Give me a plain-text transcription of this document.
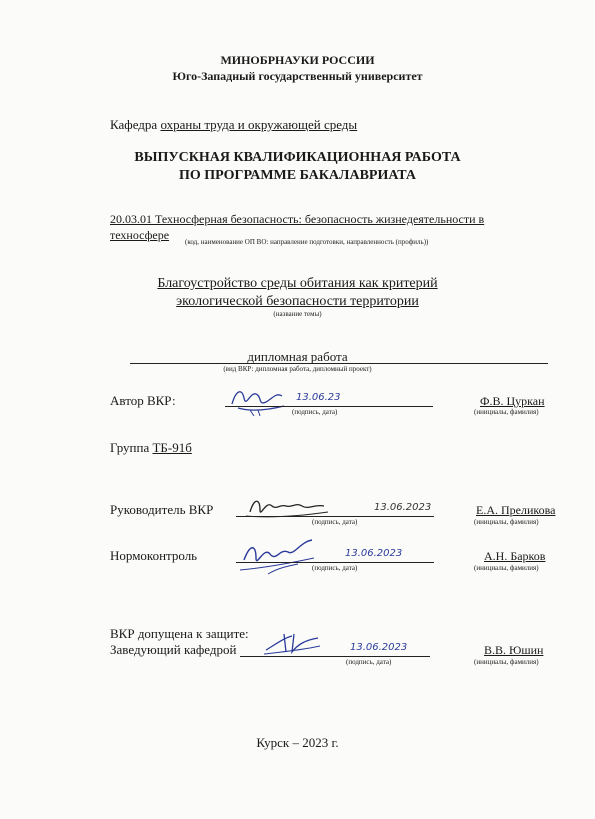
МИНОБРНАУКИ РОССИИ
Юго-Западный государственный университет
Кафедра охраны труда и окружающей среды
ВЫПУСКНАЯ КВАЛИФИКАЦИОННАЯ РАБОТА
ПО ПРОГРАММЕ БАКАЛАВРИАТА
20.03.01 Техносферная безопасность: безопасность жизнедеятельности в
техносфере (код, наименование ОП ВО: направление подготовки, направленность (профиль))
Благоустройство среды обитания как критерий
экологической безопасности территории
(название темы)
дипломная работа
(вид ВКР: дипломная работа, дипломный проект)
Автор ВКР:	13.06.23
(подпись, дата)
Ф.В. Цуркан
(инициалы, фамилия)
Группа ТБ-91б
Руководитель ВКР	13.06.2023
(подпись, дата)
Е.А. Преликова
(инициалы, фамилия)
Нормоконтроль	13.06.2023
(подпись, дата)
А.Н. Барков
(инициалы, фамилия)
ВКР допущена к защите:
Заведующий кафедрой	13.06.2023
(подпись, дата)
В.В. Юшин
(инициалы, фамилия)
Курск – 2023 г.
